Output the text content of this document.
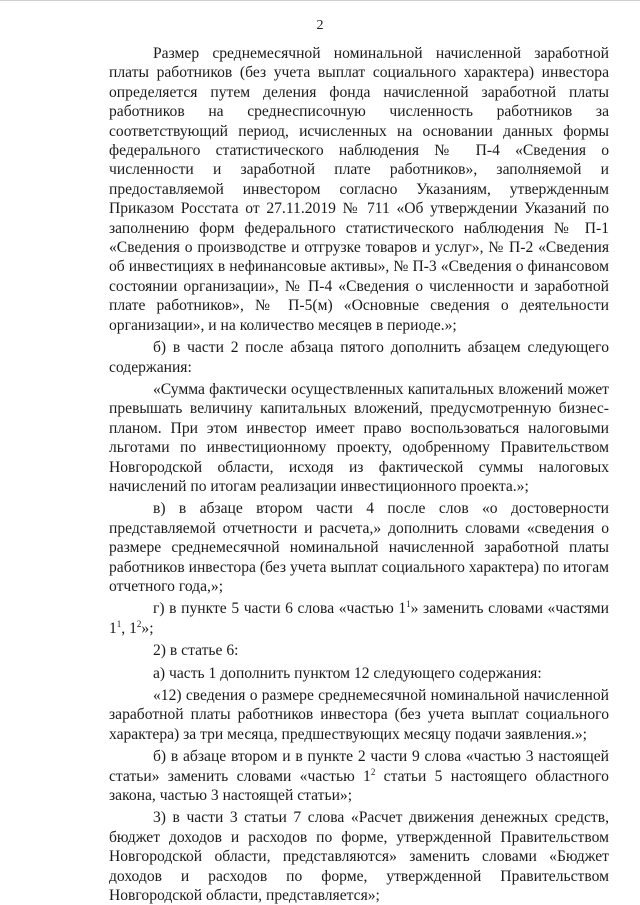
2

Размер среднемесячной номинальной начисленной заработной платы работников (без учета выплат социального характера) инвестора определяется путем деления фонда начисленной заработной платы работников на среднесписочную численность работников за соответствующий период, исчисленных на основании данных формы федерального статистического наблюдения № П-4 «Сведения о численности и заработной плате работников», заполняемой и предоставляемой инвестором согласно Указаниям, утвержденным Приказом Росстата от 27.11.2019 № 711 «Об утверждении Указаний по заполнению форм федерального статистического наблюдения № П-1 «Сведения о производстве и отгрузке товаров и услуг», № П-2 «Сведения об инвестициях в нефинансовые активы», № П-3 «Сведения о финансовом состоянии организации», № П-4 «Сведения о численности и заработной плате работников», № П-5(м) «Основные сведения о деятельности организации», и на количество месяцев в периоде.»;

б) в части 2 после абзаца пятого дополнить абзацем следующего содержания:

«Сумма фактически осуществленных капитальных вложений может превышать величину капитальных вложений, предусмотренную бизнес-планом. При этом инвестор имеет право воспользоваться налоговыми льготами по инвестиционному проекту, одобренному Правительством Новгородской области, исходя из фактической суммы налоговых начислений по итогам реализации инвестиционного проекта.»;

в) в абзаце втором части 4 после слов «о достоверности представляемой отчетности и расчета,» дополнить словами «сведения о размере среднемесячной номинальной начисленной заработной платы работников инвестора (без учета выплат социального характера) по итогам отчетного года,»;

г) в пункте 5 части 6 слова «частью $1^1$» заменить словами «частями $1^1$, $1^2$»;

2) в статье 6:

а) часть 1 дополнить пунктом 12 следующего содержания:

«12) сведения о размере среднемесячной номинальной начисленной заработной платы работников инвестора (без учета выплат социального характера) за три месяца, предшествующих месяцу подачи заявления.»;

б) в абзаце втором и в пункте 2 части 9 слова «частью 3 настоящей статьи» заменить словами «частью $1^2$ статьи 5 настоящего областного закона, частью 3 настоящей статьи»;

3) в части 3 статьи 7 слова «Расчет движения денежных средств, бюджет доходов и расходов по форме, утвержденной Правительством Новгородской области, представляются» заменить словами «Бюджет доходов и расходов по форме, утвержденной Правительством Новгородской области, представляется»;
